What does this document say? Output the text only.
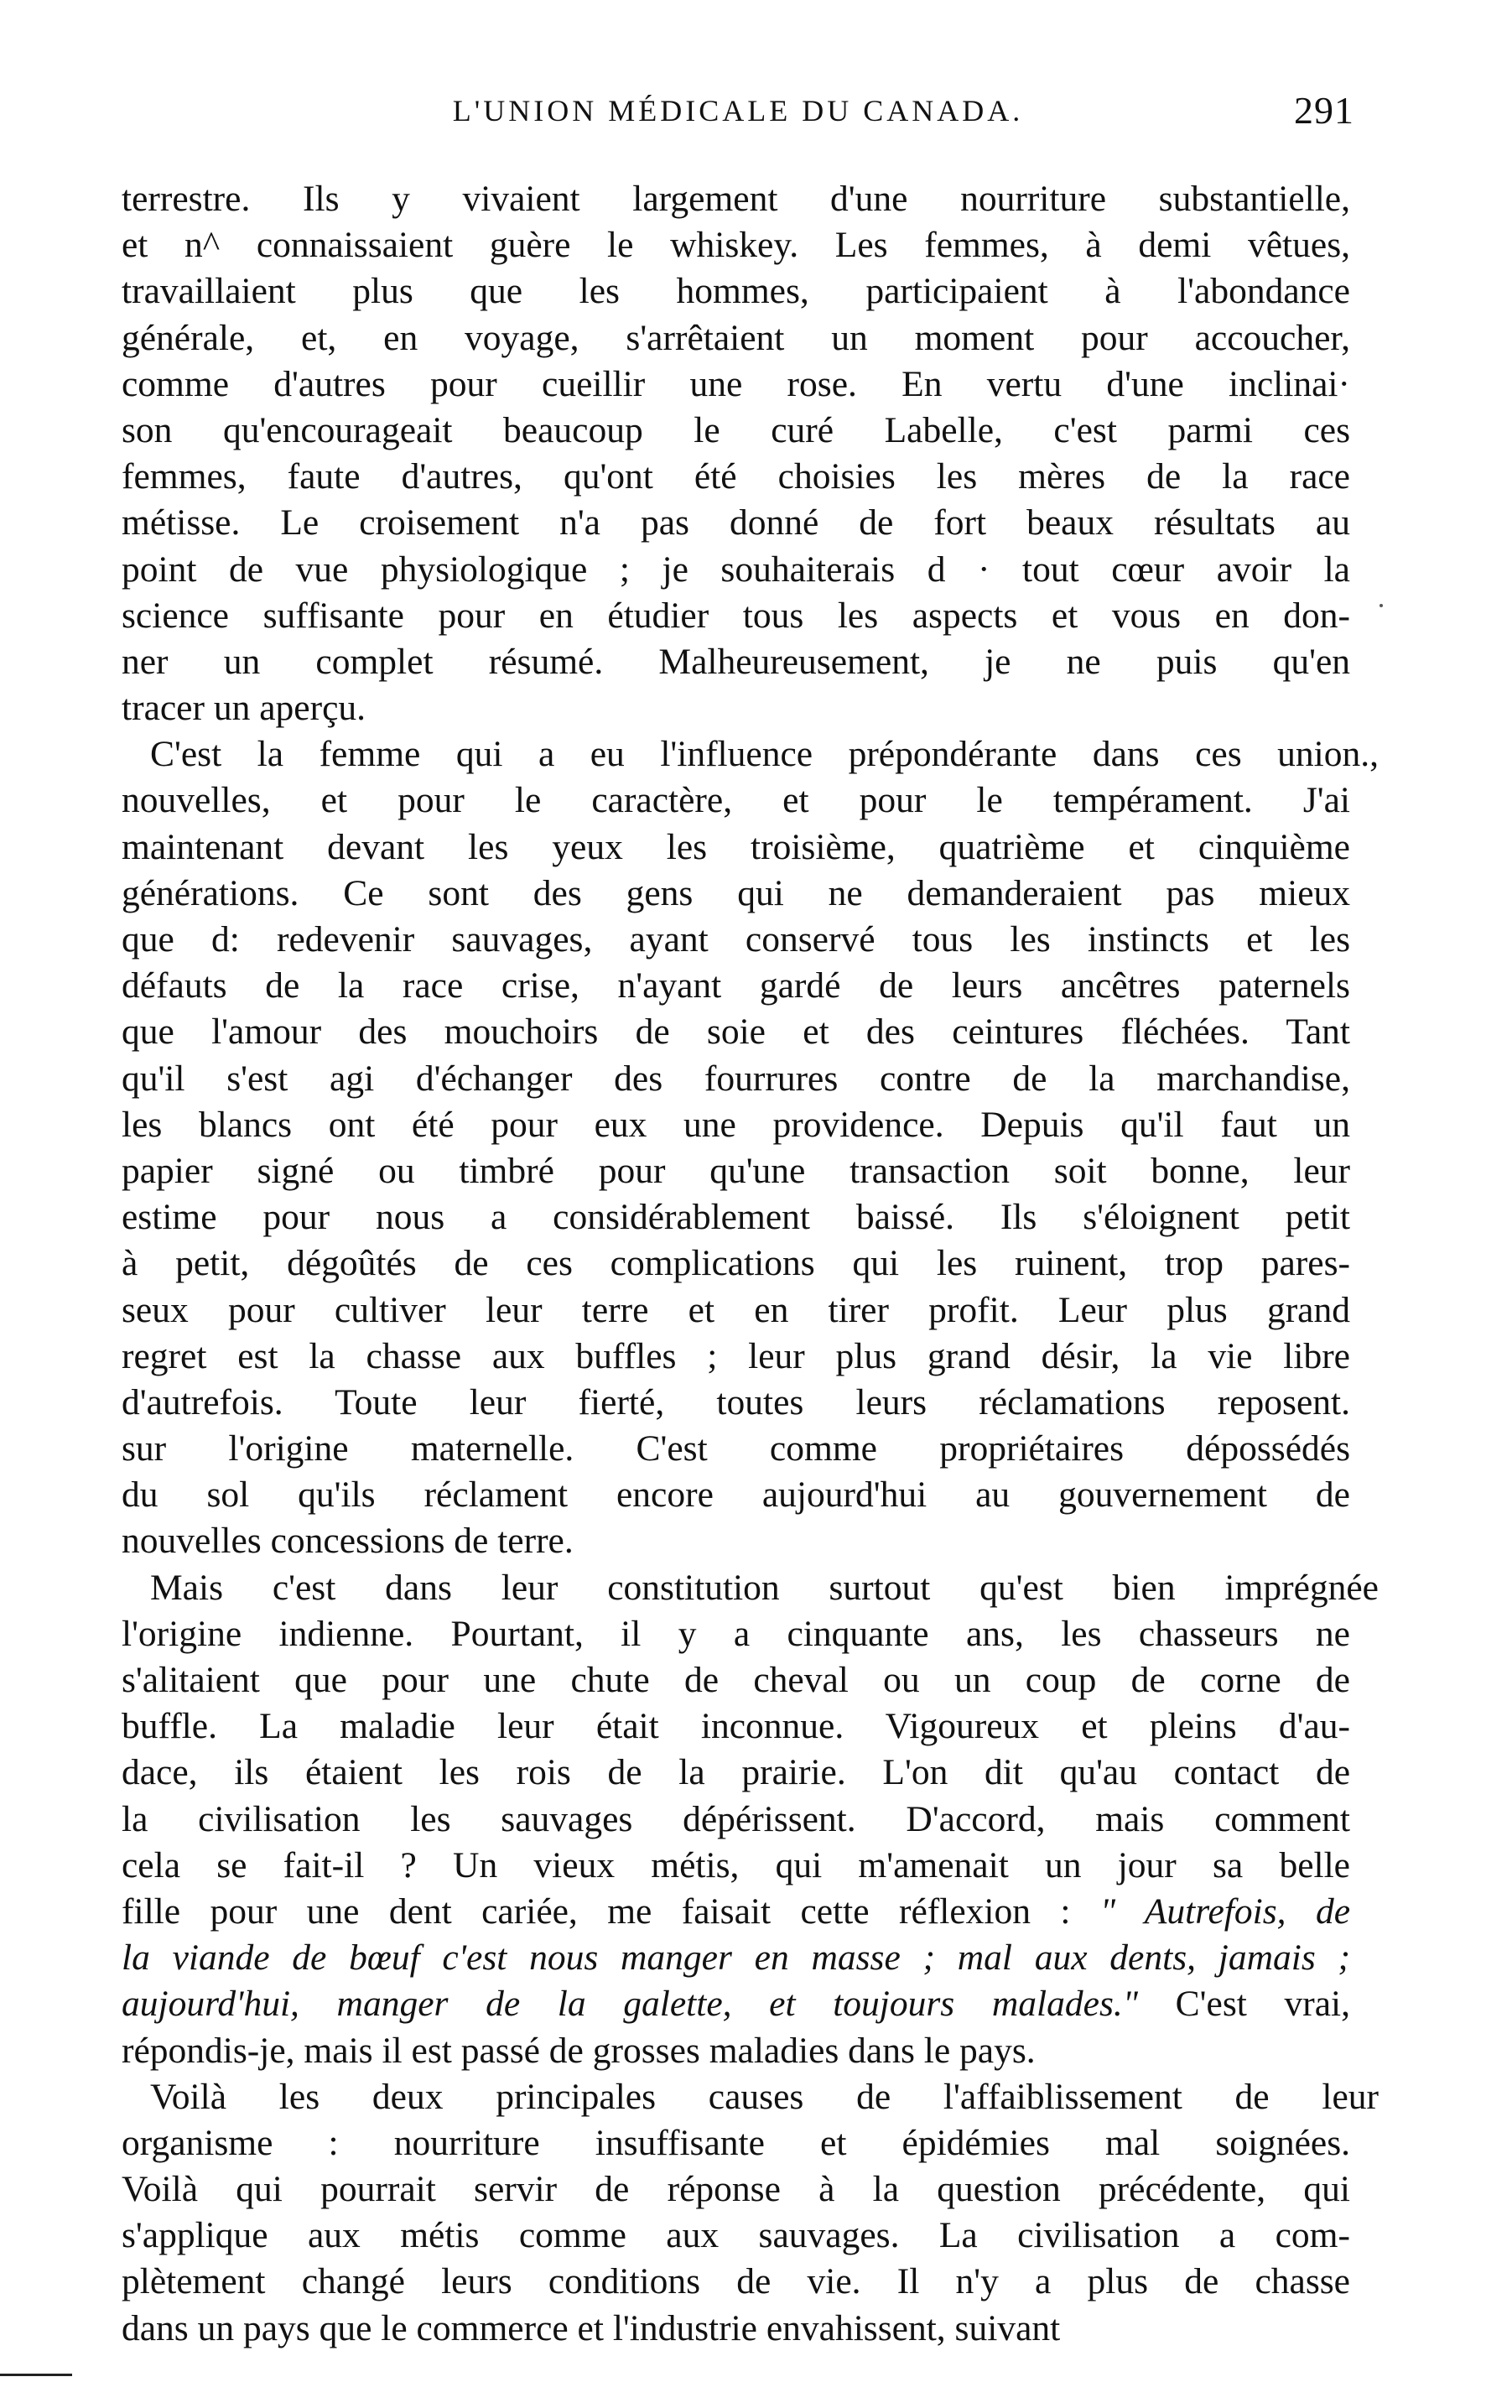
L'UNION MÉDICALE DU CANADA.	291
terrestre. Ils y vivaient largement d'une nourriture substantielle,
et n^ connaissaient guère le whiskey. Les femmes, à demi vêtues,
travaillaient plus que les hommes, participaient à l'abondance
générale, et, en voyage, s'arrêtaient un moment pour accoucher,
comme d'autres pour cueillir une rose. En vertu d'une inclinai·
son qu'encourageait beaucoup le curé Labelle, c'est parmi ces
femmes, faute d'autres, qu'ont été choisies les mères de la race
métisse. Le croisement n'a pas donné de fort beaux résultats au
point de vue physiologique ; je souhaiterais d · tout cœur avoir la
science suffisante pour en étudier tous les aspects et vous en don-
ner un complet résumé. Malheureusement, je ne puis qu'en
tracer un aperçu.
C'est la femme qui a eu l'influence prépondérante dans ces union.,
nouvelles, et pour le caractère, et pour le tempérament. J'ai
maintenant devant les yeux les troisième, quatrième et cinquième
générations. Ce sont des gens qui ne demanderaient pas mieux
que d: redevenir sauvages, ayant conservé tous les instincts et les
défauts de la race crise, n'ayant gardé de leurs ancêtres paternels
que l'amour des mouchoirs de soie et des ceintures fléchées. Tant
qu'il s'est agi d'échanger des fourrures contre de la marchandise,
les blancs ont été pour eux une providence. Depuis qu'il faut un
papier signé ou timbré pour qu'une transaction soit bonne, leur
estime pour nous a considérablement baissé. Ils s'éloignent petit
à petit, dégoûtés de ces complications qui les ruinent, trop pares-
seux pour cultiver leur terre et en tirer profit. Leur plus grand
regret est la chasse aux buffles ; leur plus grand désir, la vie libre
d'autrefois. Toute leur fierté, toutes leurs réclamations reposent.
sur l'origine maternelle. C'est comme propriétaires dépossédés
du sol qu'ils réclament encore aujourd'hui au gouvernement de
nouvelles concessions de terre.
Mais c'est dans leur constitution surtout qu'est bien imprégnée
l'origine indienne. Pourtant, il y a cinquante ans, les chasseurs ne
s'alitaient que pour une chute de cheval ou un coup de corne de
buffle. La maladie leur était inconnue. Vigoureux et pleins d'au-
dace, ils étaient les rois de la prairie. L'on dit qu'au contact de
la civilisation les sauvages dépérissent. D'accord, mais comment
cela se fait-il ? Un vieux métis, qui m'amenait un jour sa belle
fille pour une dent cariée, me faisait cette réflexion : " Autrefois, de
la viande de bœuf c'est nous manger en masse ; mal aux dents, jamais ;
aujourd'hui, manger de la galette, et toujours malades." C'est vrai,
répondis-je, mais il est passé de grosses maladies dans le pays.
Voilà les deux principales causes de l'affaiblissement de leur
organisme : nourriture insuffisante et épidémies mal soignées.
Voilà qui pourrait servir de réponse à la question précédente, qui
s'applique aux métis comme aux sauvages. La civilisation a com-
plètement changé leurs conditions de vie. Il n'y a plus de chasse
dans un pays que le commerce et l'industrie envahissent, suivant
